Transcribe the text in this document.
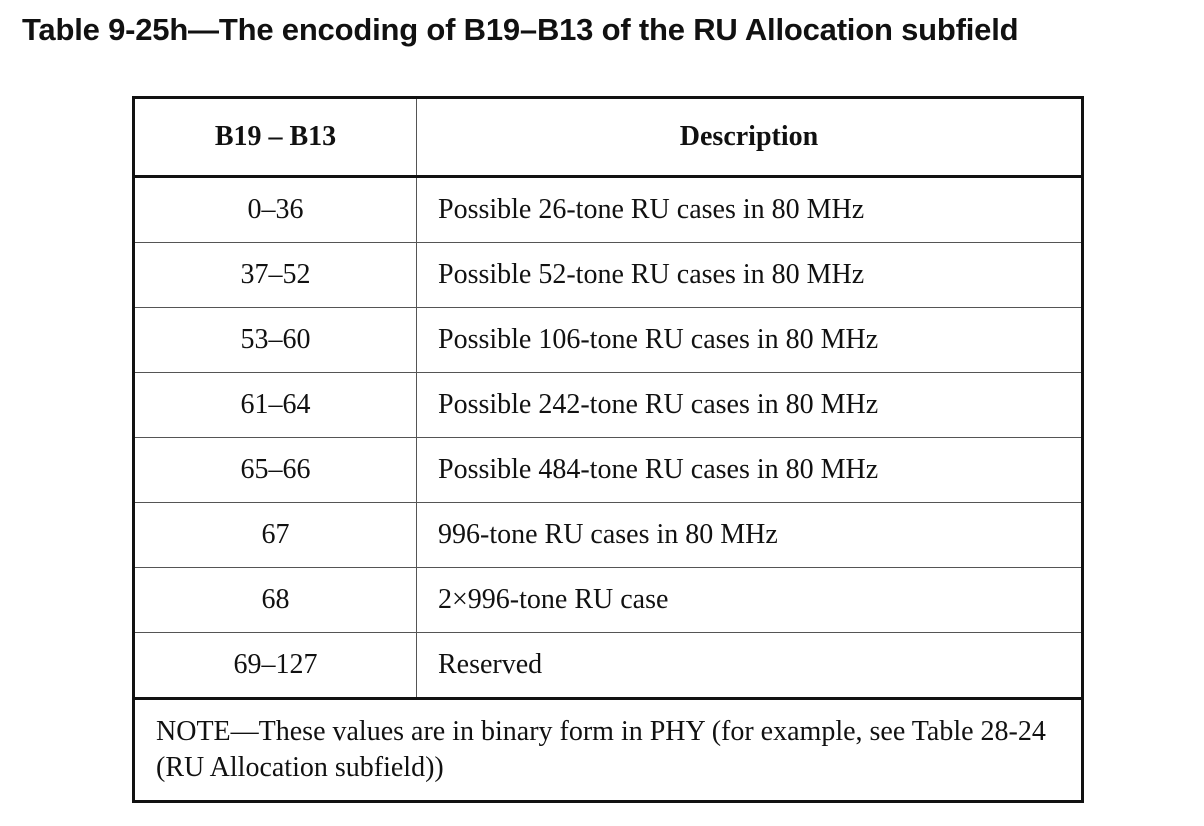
Table 9-25h—The encoding of B19–B13 of the RU Allocation subfield
B19 – B13	Description
0–36	Possible 26-tone RU cases in 80 MHz
37–52	Possible 52-tone RU cases in 80 MHz
53–60	Possible 106-tone RU cases in 80 MHz
61–64	Possible 242-tone RU cases in 80 MHz
65–66	Possible 484-tone RU cases in 80 MHz
67	996-tone RU cases in 80 MHz
68	2×996-tone RU case
69–127	Reserved
NOTE—These values are in binary form in PHY (for example, see Table 28-24 (RU Allocation subfield))	
